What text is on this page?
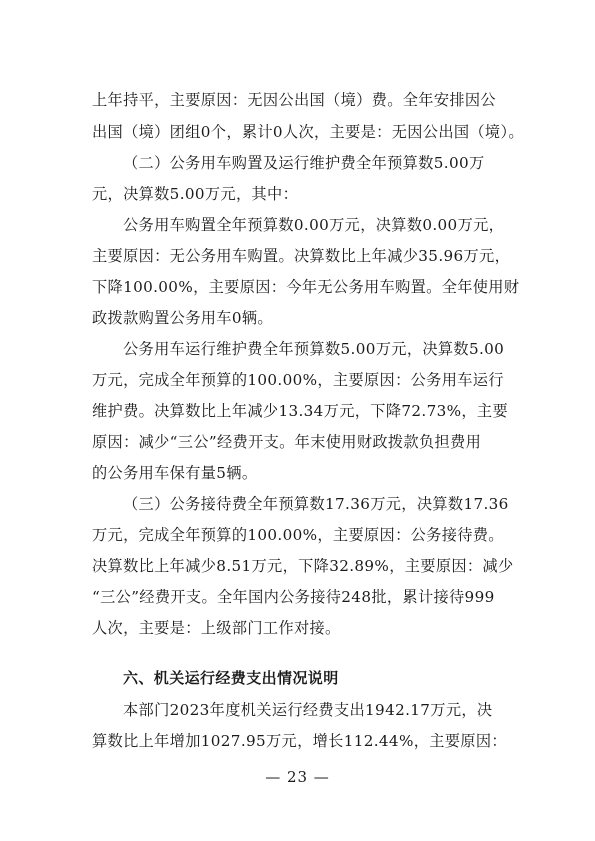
上年持平，主要原因：无因公出国（境）费。全年安排因公
出国（境）团组0个，累计0人次，主要是：无因公出国（境）。
（二）公务用车购置及运行维护费全年预算数5.00万
元，决算数5.00万元，其中：
公务用车购置全年预算数0.00万元，决算数0.00万元，
主要原因：无公务用车购置。决算数比上年减少35.96万元，
下降100.00%，主要原因：今年无公务用车购置。全年使用财
政拨款购置公务用车0辆。
公务用车运行维护费全年预算数5.00万元，决算数5.00
万元，完成全年预算的100.00%，主要原因：公务用车运行
维护费。决算数比上年减少13.34万元，下降72.73%，主要
原因：减少“三公”经费开支。年末使用财政拨款负担费用
的公务用车保有量5辆。
（三）公务接待费全年预算数17.36万元，决算数17.36
万元，完成全年预算的100.00%，主要原因：公务接待费。
决算数比上年减少8.51万元，下降32.89%，主要原因：减少
“三公”经费开支。全年国内公务接待248批，累计接待999
人次，主要是：上级部门工作对接。
六、机关运行经费支出情况说明
本部门2023年度机关运行经费支出1942.17万元，决
算数比上年增加1027.95万元，增长112.44%，主要原因：
— 23 —
